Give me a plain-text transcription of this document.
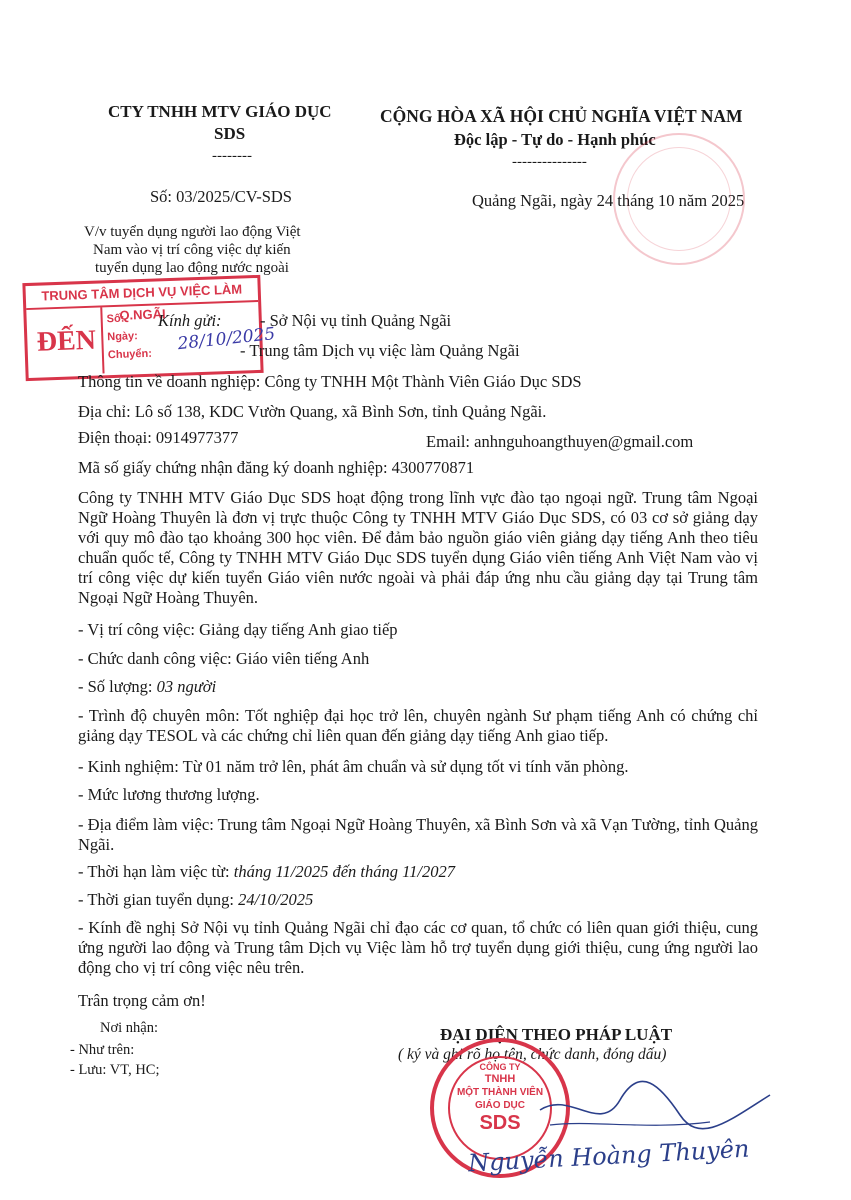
CTY TNHH MTV GIÁO DỤC
SDS
--------
CỘNG HÒA XÃ HỘI CHỦ NGHĨA VIỆT NAM
Độc lập - Tự do - Hạnh phúc
---------------
Số: 03/2025/CV-SDS	Quảng Ngãi, ngày 24 tháng 10 năm 2025
V/v tuyển dụng người lao động Việt
Nam vào vị trí công việc dự kiến
tuyển dụng lao động nước ngoài
TRUNG TÂM DỊCH VỤ VIỆC LÀM Q.NGÃI
ĐẾN
Số:
Ngày:
Chuyển:
28/10/2025
Kính gửi: - Sở Nội vụ tỉnh Quảng Ngãi
- Trung tâm Dịch vụ việc làm Quảng Ngãi
Thông tin về doanh nghiệp: Công ty TNHH Một Thành Viên Giáo Dục SDS
Địa chỉ: Lô số 138, KDC Vườn Quang, xã Bình Sơn, tỉnh Quảng Ngãi.
Điện thoại: 0914977377	Email: anhnguhoangthuyen@gmail.com
Mã số giấy chứng nhận đăng ký doanh nghiệp: 4300770871
Công ty TNHH MTV Giáo Dục SDS hoạt động trong lĩnh vực đào tạo ngoại ngữ. Trung tâm Ngoại Ngữ Hoàng Thuyên là đơn vị trực thuộc Công ty TNHH MTV Giáo Dục SDS, có 03 cơ sở giảng dạy với quy mô đào tạo khoảng 300 học viên. Để đảm bảo nguồn giáo viên giảng dạy tiếng Anh theo tiêu chuẩn quốc tế, Công ty TNHH MTV Giáo Dục SDS tuyển dụng Giáo viên tiếng Anh Việt Nam vào vị trí công việc dự kiến tuyển Giáo viên nước ngoài và phải đáp ứng nhu cầu giảng dạy tại Trung tâm Ngoại Ngữ Hoàng Thuyên.
- Vị trí công việc: Giảng dạy tiếng Anh giao tiếp
- Chức danh công việc: Giáo viên tiếng Anh
- Số lượng: 03 người
- Trình độ chuyên môn: Tốt nghiệp đại học trở lên, chuyên ngành Sư phạm tiếng Anh có chứng chỉ giảng dạy TESOL và các chứng chỉ liên quan đến giảng dạy tiếng Anh giao tiếp.
- Kinh nghiệm: Từ 01 năm trở lên, phát âm chuẩn và sử dụng tốt vi tính văn phòng.
- Mức lương thương lượng.
- Địa điểm làm việc: Trung tâm Ngoại Ngữ Hoàng Thuyên, xã Bình Sơn và xã Vạn Tường, tỉnh Quảng Ngãi.
- Thời hạn làm việc từ: tháng 11/2025 đến tháng 11/2027
- Thời gian tuyển dụng: 24/10/2025
- Kính đề nghị Sở Nội vụ tỉnh Quảng Ngãi chỉ đạo các cơ quan, tổ chức có liên quan giới thiệu, cung ứng người lao động và Trung tâm Dịch vụ Việc làm hỗ trợ tuyển dụng giới thiệu, cung ứng người lao động cho vị trí công việc nêu trên.
Trân trọng cảm ơn!
Nơi nhận:
- Như trên:
- Lưu: VT, HC;
ĐẠI DIỆN THEO PHÁP LUẬT
( ký và ghi rõ họ tên, chức danh, đóng dấu)
CÔNG TY
TNHH
MỘT THÀNH VIÊN
GIÁO DỤC
SDS
Nguyễn Hoàng Thuyên
